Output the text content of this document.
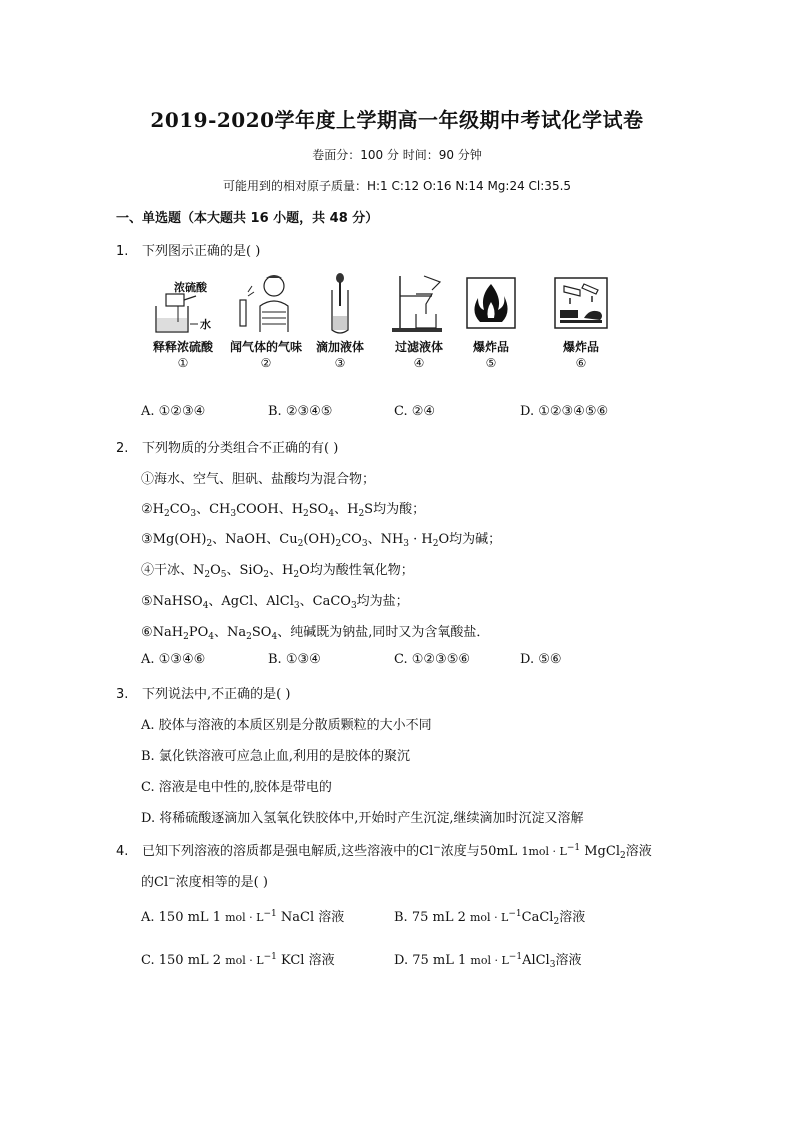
2019-2020学年度上学期高一年级期中考试化学试卷
卷面分：100 分 时间：90 分钟
可能用到的相对原子质量：H:1 C:12 O:16 N:14 Mg:24 Cl:35.5
一、单选题（本大题共 16 小题，共 48 分）
1. 下列图示正确的是( )
浓硫酸
水
释释浓硫酸
①
闻气体的气味
②
滴加液体
③
过滤液体
④
爆炸品
⑤
爆炸品
⑥
A. ①②③④	B. ②③④⑤	C. ②④	D. ①②③④⑤⑥
2. 下列物质的分类组合不正确的有( )
①海水、空气、胆矾、盐酸均为混合物；
$②H_2CO_3$、$CH_3COOH$、$H_2SO_4$、$H_2S$均为酸；
$③Mg(OH)_2$、NaOH、$Cu_2(OH)_2CO_3$、$NH_3 \cdot H_2O$均为碱；
④干冰、$N_2O_5$、SiO$_2$、$H_2O$均为酸性氧化物；
⑤NaHSO$_4$、AgCl、AlCl$_3$、CaCO$_3$均为盐；
$⑥NaH_2PO_4$、$Na_2SO_4$、纯碱既为钠盐,同时又为含氧酸盐．
A. ①③④⑥	B. ①③④	C. ①②③⑤⑥	D. ⑤⑥
3. 下列说法中,不正确的是( )
A. 胶体与溶液的本质区别是分散质颗粒的大小不同
B. 氯化铁溶液可应急止血,利用的是胶体的聚沉
C. 溶液是电中性的,胶体是带电的
D. 将稀硫酸逐滴加入氢氧化铁胶体中,开始时产生沉淀,继续滴加时沉淀又溶解
4. 已知下列溶液的溶质都是强电解质,这些溶液中的Cl−浓度与50mL $1mol \cdot L^{-1}$ MgCl$_2$溶液
的Cl−浓度相等的是( )
A. 150 mL 1 mol · $L^{-1}$ NaCl 溶液	B. 75 mL 2 mol · $L^{-1}CaCl_2$溶液
C. 150 mL 2 mol · $L^{-1}$ KCl 溶液	D. 75 mL 1 mol · $L^{-1}AlCl_3$溶液
